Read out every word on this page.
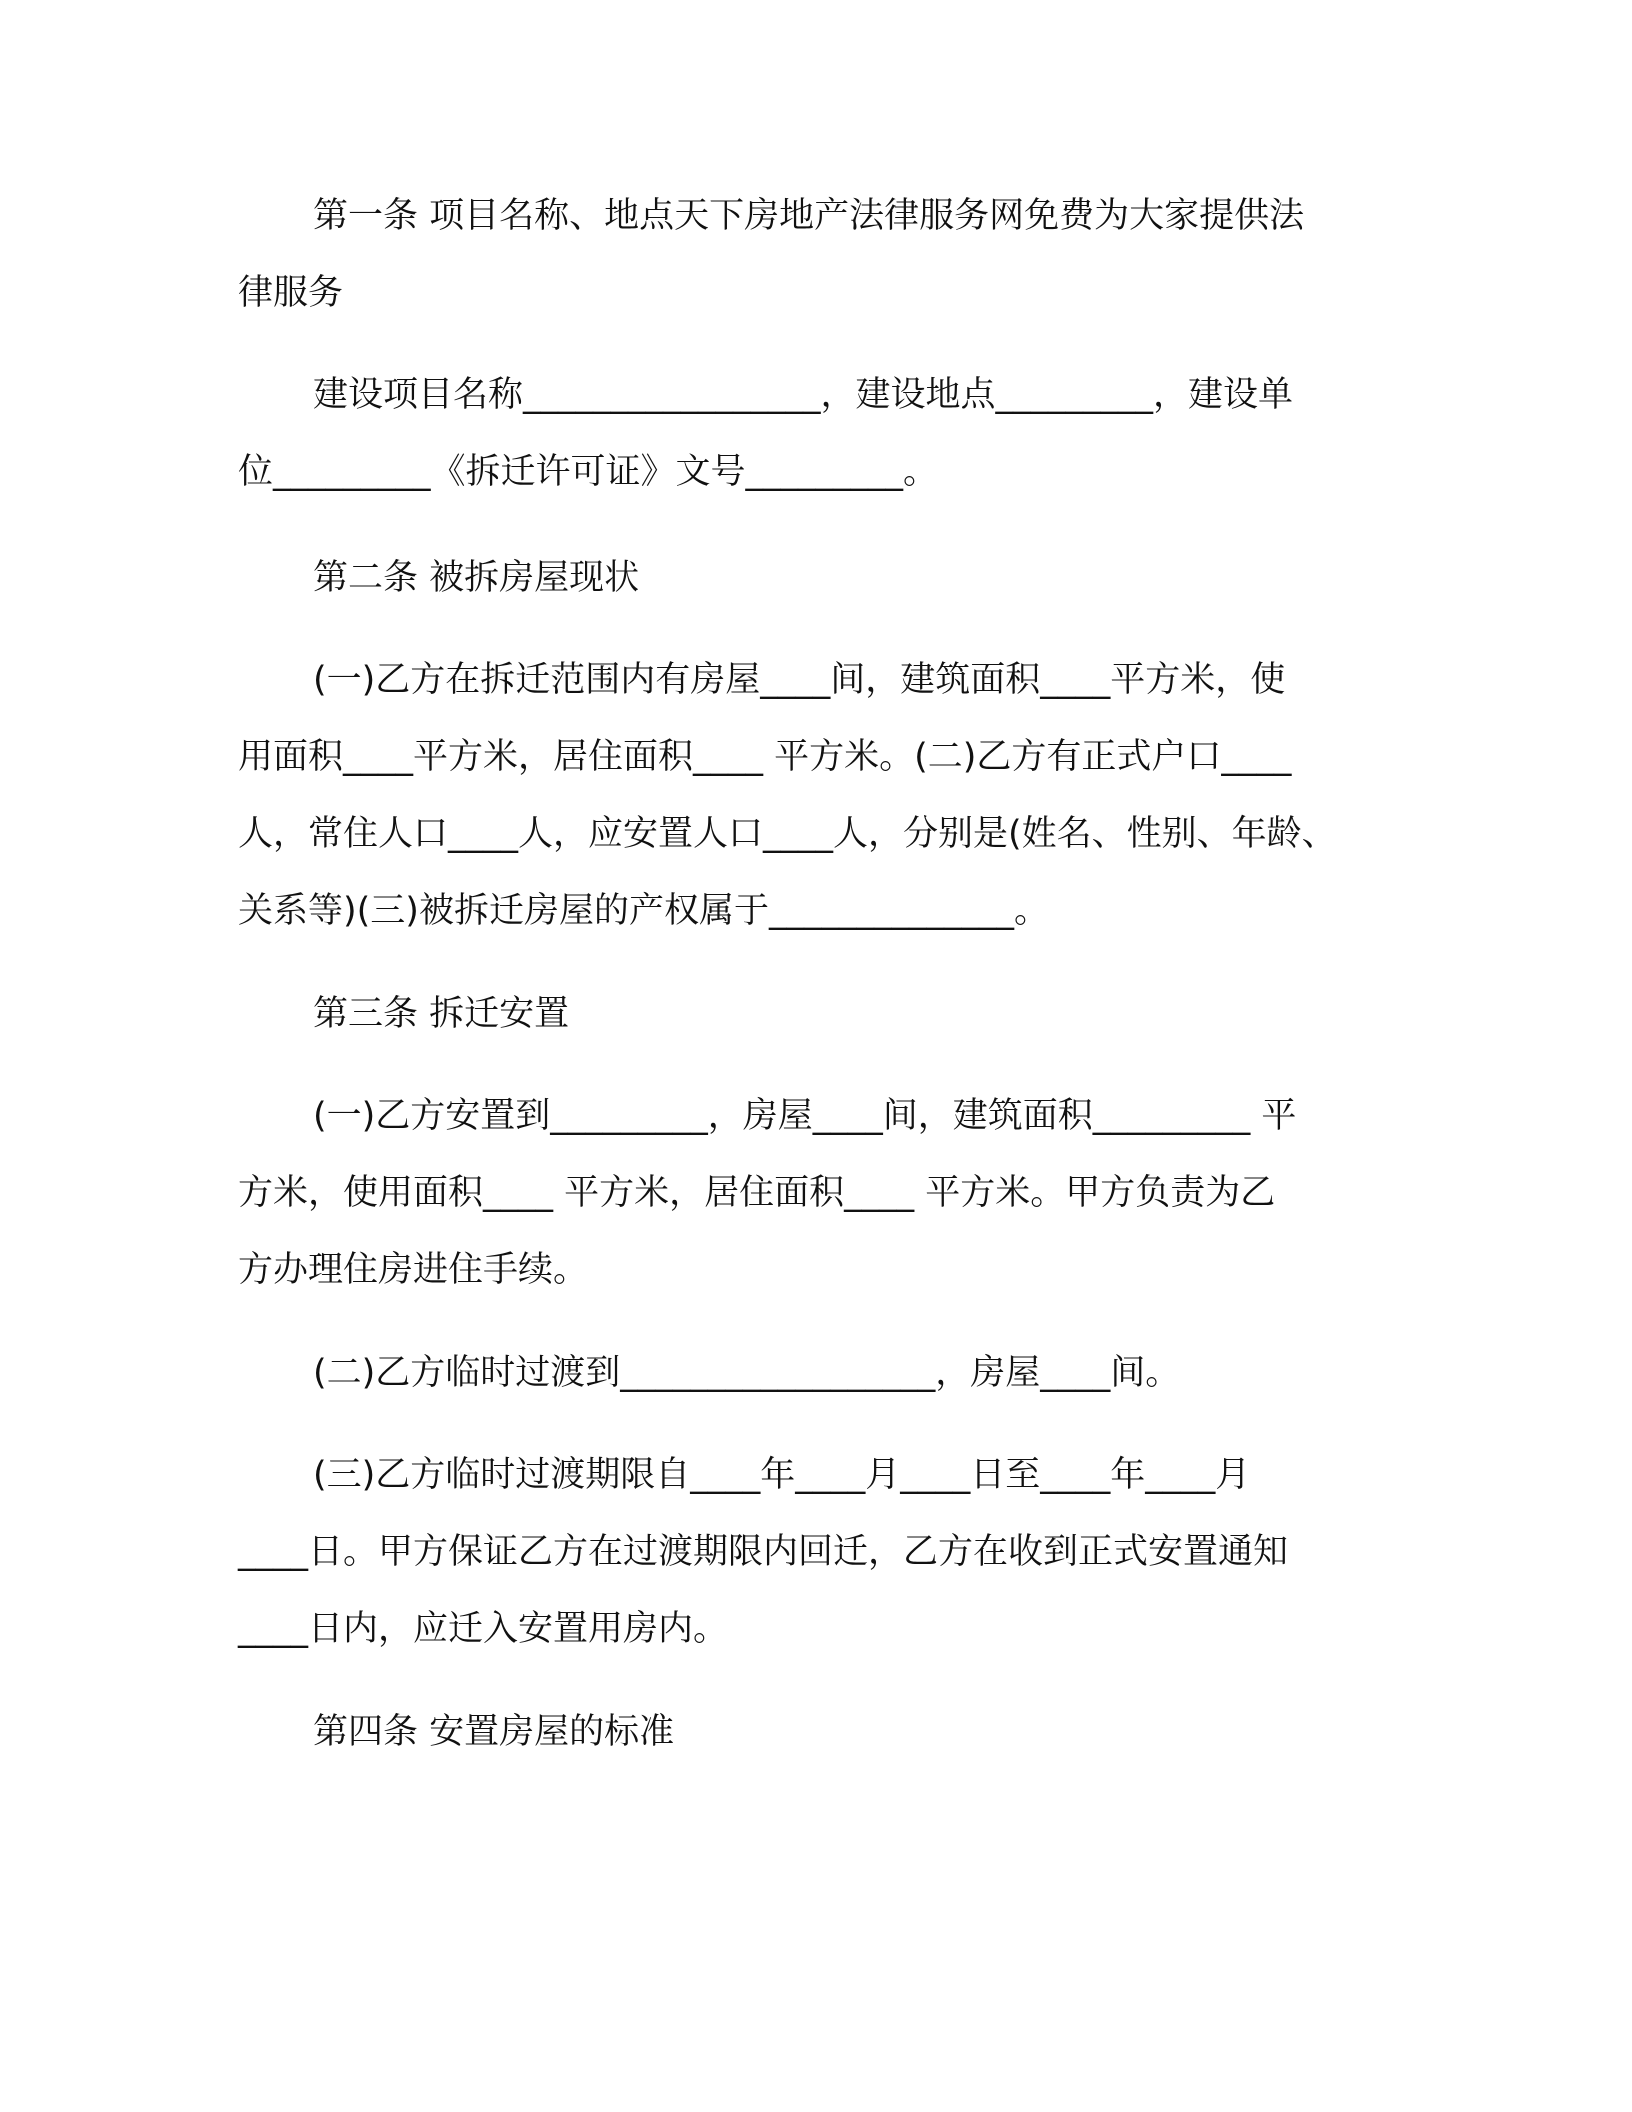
第一条 项目名称、地点天下房地产法律服务网免费为大家提供法
律服务
建设项目名称_________________，建设地点_________，建设单
位_________《拆迁许可证》文号_________。
第二条 被拆房屋现状
(一)乙方在拆迁范围内有房屋____间，建筑面积____平方米，使
用面积____平方米，居住面积____ 平方米。(二)乙方有正式户口____
人，常住人口____人，应安置人口____人，分别是(姓名、性别、年龄、
关系等)(三)被拆迁房屋的产权属于______________。
第三条 拆迁安置
(一)乙方安置到_________，房屋____间，建筑面积_________ 平
方米，使用面积____ 平方米，居住面积____ 平方米。甲方负责为乙
方办理住房进住手续。
(二)乙方临时过渡到__________________，房屋____间。
(三)乙方临时过渡期限自____年____月____日至____年____月
____日。甲方保证乙方在过渡期限内回迁，乙方在收到正式安置通知
____日内，应迁入安置用房内。
第四条 安置房屋的标准
